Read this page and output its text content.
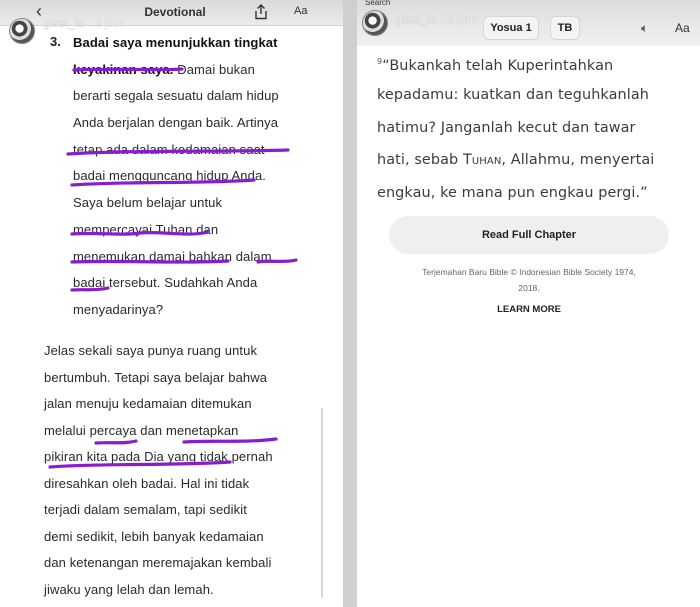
‹	Devotional	Aa
gisel_la 2 jam
3. Badai saya menunjukkan tingkat
keyakinan saya. Damai bukan
berarti segala sesuatu dalam hidup
Anda berjalan dengan baik. Artinya
tetap ada dalam kedamaian saat
badai mengguncang hidup Anda.
Saya belum belajar untuk
mempercayai Tuhan dan
menemukan damai bahkan dalam
badai tersebut. Sudahkah Anda
menyadarinya?
Jelas sekali saya punya ruang untuk
bertumbuh. Tetapi saya belajar bahwa
jalan menuju kedamaian ditemukan
melalui percaya dan menetapkan
pikiran kita pada Dia yang tidak pernah
diresahkan oleh badai. Hal ini tidak
terjadi dalam semalam, tapi sedikit
demi sedikit, lebih banyak kedamaian
dan ketenangan meremajakan kembali
jiwaku yang lelah dan lemah.
Search
gisel_la 2 jam
Yosua 1	TB	🔈︎ Aa
$^9$“Bukankah telah Kuperintahkan
kepadamu: kuatkan dan teguhkanlah
hatimu? Janganlah kecut dan tawar
hati, sebab Tuhan, Allahmu, menyertai
engkau, ke mana pun engkau pergi.”
Read Full Chapter
Terjemahan Baru Bible © Indonesian Bible Society 1974,
2018.
LEARN MORE
